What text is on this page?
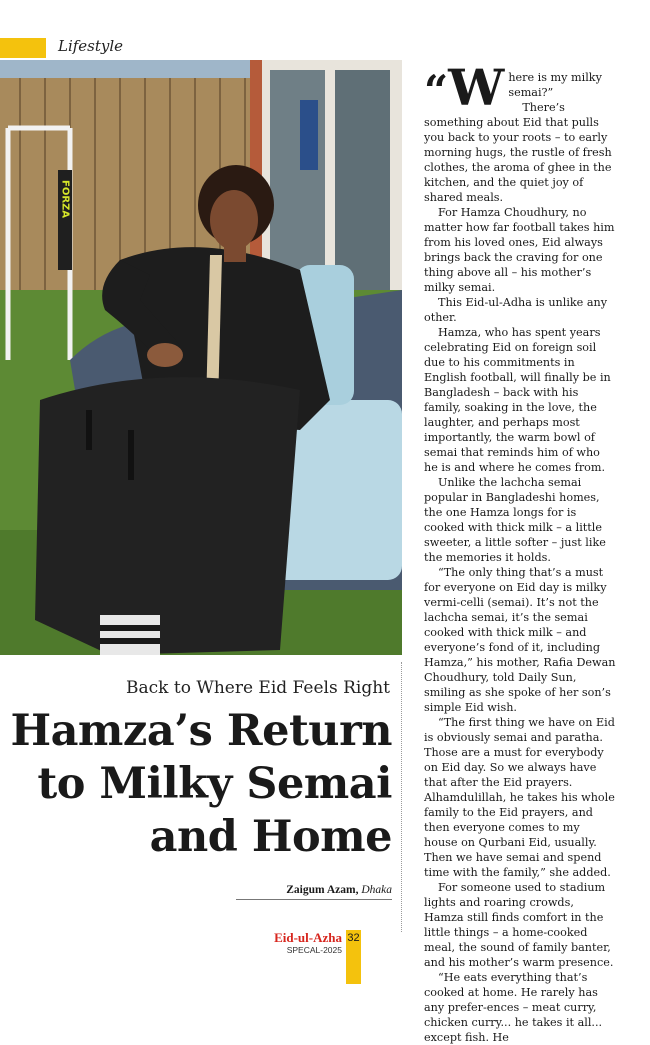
Lifestyle
FORZA
Back to Where Eid Feels Right
Hamza’s Return
to Milky Semai
and Home
Zaigum Azam, Dhaka
“W here is my milky

semai?”

There’s something about Eid that pulls you back to your roots – to early morning hugs, the rustle of fresh clothes, the aroma of ghee in the kitchen, and the quiet joy of shared meals.

For Hamza Choudhury, no matter how far football takes him from his loved ones, Eid always brings back the craving for one thing above all – his mother’s milky semai.

This Eid-ul-Adha is unlike any other.

Hamza, who has spent years celebrating Eid on foreign soil due to his commitments in English football, will finally be in Bangladesh – back with his family, soaking in the love, the laughter, and perhaps most importantly, the warm bowl of semai that reminds him of who he is and where he comes from.

Unlike the lachcha semai popular in Bangladeshi homes, the one Hamza longs for is cooked with thick milk – a little sweeter, a little softer – just like the memories it holds.

“The only thing that’s a must for everyone on Eid day is milky vermi-celli (semai). It’s not the lachcha semai, it’s the semai cooked with thick milk – and everyone’s fond of it, including Hamza,” his mother, Rafia Dewan Choudhury, told Daily Sun, smiling as she spoke of her son’s simple Eid wish.

“The first thing we have on Eid is obviously semai and paratha. Those are a must for everybody on Eid day. So we always have that after the Eid prayers. Alhamdulillah, he takes his whole family to the Eid prayers, and then everyone comes to my house on Qurbani Eid, usually. Then we have semai and spend time with the family,” she added.

For someone used to stadium lights and roaring crowds, Hamza still finds comfort in the little things – a home-cooked meal, the sound of family banter, and his mother’s warm presence.

“He eats everything that’s cooked at home. He rarely has any prefer-ences – meat curry, chicken curry... he takes it all... except fish. He

Eid-ul-Azha
SPECAL-2025
32
